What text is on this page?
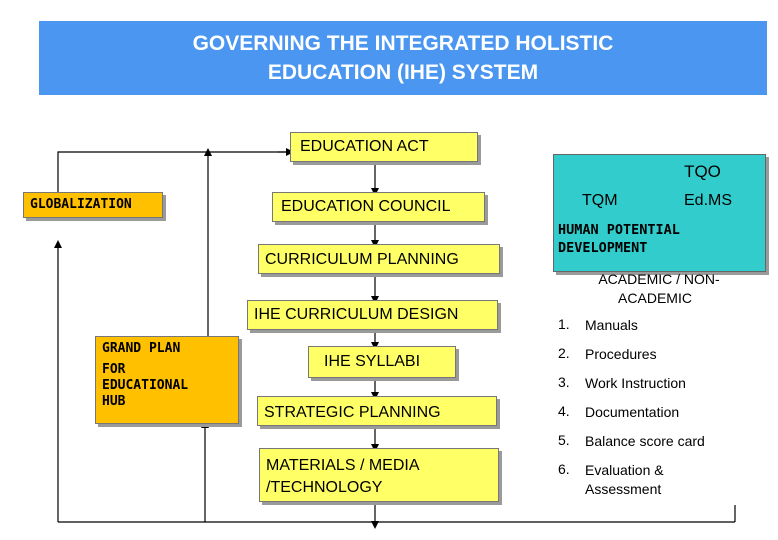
GOVERNING THE INTEGRATED HOLISTIC
EDUCATION (IHE) SYSTEM
EDUCATION ACT
GLOBALIZATION	EDUCATION COUNCIL
CURRICULUM PLANNING
IHE CURRICULUM DESIGN
GRAND PLAN
FOR
EDUCATIONAL
HUB
IHE SYLLABI
STRATEGIC PLANNING
MATERIALS / MEDIA
/TECHNOLOGY
TQO
TQM	Ed.MS
HUMAN POTENTIAL
DEVELOPMENT
ACADEMIC / NON-
ACADEMIC
1. Manuals
2. Procedures
3. Work Instruction
4. Documentation
5. Balance score card
6. Evaluation & Assessment
